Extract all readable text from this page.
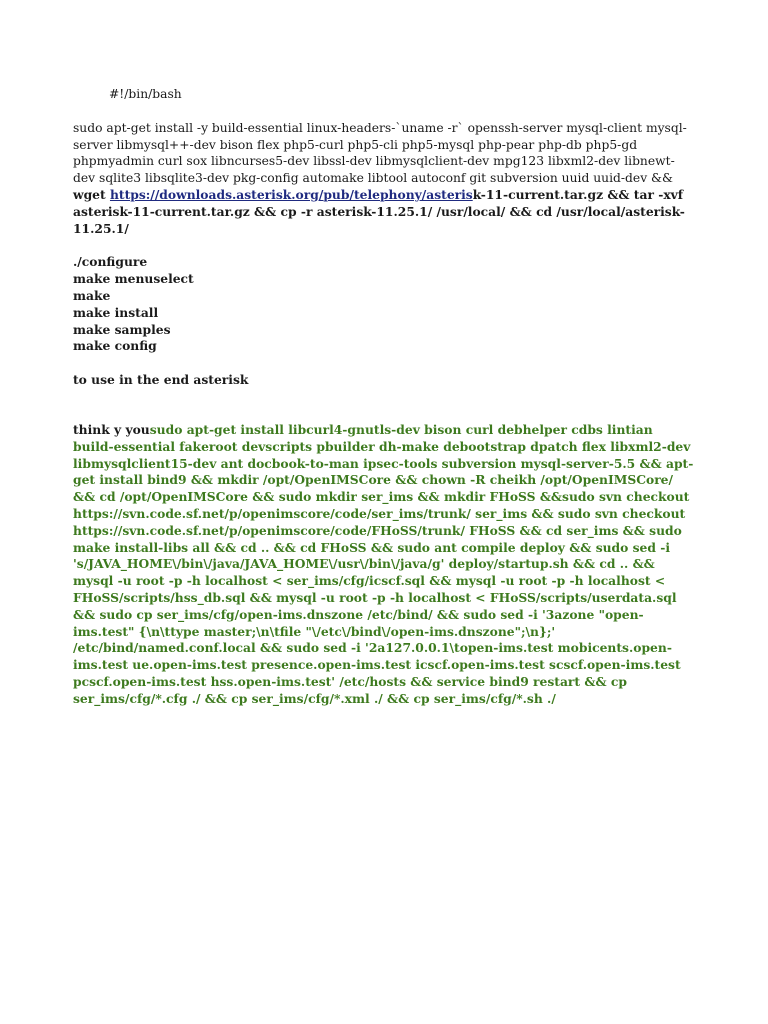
#!/bin/bash

sudo apt-get install -y build-essential linux-headers-`uname -r` openssh-server mysql-client mysql-server libmysql++-dev bison flex php5-curl php5-cli php5-mysql php-pear php-db php5-gd phpmyadmin curl sox libncurses5-dev libssl-dev libmysqlclient-dev mpg123 libxml2-dev libnewt-dev sqlite3 libsqlite3-dev pkg-config automake libtool autoconf git subversion uuid uuid-dev && wget https://downloads.asterisk.org/pub/telephony/asterisk-11-current.tar.gz && tar -xvf asterisk-11-current.tar.gz && cp -r asterisk-11.25.1/ /usr/local/ && cd /usr/local/asterisk-11.25.1/

./configure
make menuselect
make
make install
make samples
make config

to use in the end asterisk

think y yousudo apt-get install libcurl4-gnutls-dev bison curl debhelper cdbs lintian build-essential fakeroot devscripts pbuilder dh-make debootstrap dpatch flex libxml2-dev libmysqlclient15-dev ant docbook-to-man ipsec-tools subversion mysql-server-5.5 && apt-get install bind9 && mkdir /opt/OpenIMSCore && chown -R cheikh /opt/OpenIMSCore/ && cd /opt/OpenIMSCore && sudo mkdir ser_ims && mkdir FHoSS &&sudo svn checkout https://svn.code.sf.net/p/openimscore/code/ser_ims/trunk/ ser_ims && sudo svn checkout https://svn.code.sf.net/p/openimscore/code/FHoSS/trunk/ FHoSS && cd ser_ims && sudo make install-libs all && cd .. && cd FHoSS && sudo ant compile deploy && sudo sed -i 's/JAVA_HOME\/bin\/java/JAVA_HOME\/usr\/bin\/java/g' deploy/startup.sh && cd .. && mysql -u root -p -h localhost < ser_ims/cfg/icscf.sql && mysql -u root -p -h localhost < FHoSS/scripts/hss_db.sql && mysql -u root -p -h localhost < FHoSS/scripts/userdata.sql && sudo cp ser_ims/cfg/open-ims.dnszone /etc/bind/ && sudo sed -i '3azone "open-ims.test" {\n\ttype master;\n\tfile "\/etc\/bind\/open-ims.dnszone";\n};' /etc/bind/named.conf.local && sudo sed -i '2a127.0.0.1\topen-ims.test mobicents.open-ims.test ue.open-ims.test presence.open-ims.test icscf.open-ims.test scscf.open-ims.test pcscf.open-ims.test hss.open-ims.test' /etc/hosts && service bind9 restart && cp ser_ims/cfg/*.cfg ./ && cp ser_ims/cfg/*.xml ./ && cp ser_ims/cfg/*.sh ./
